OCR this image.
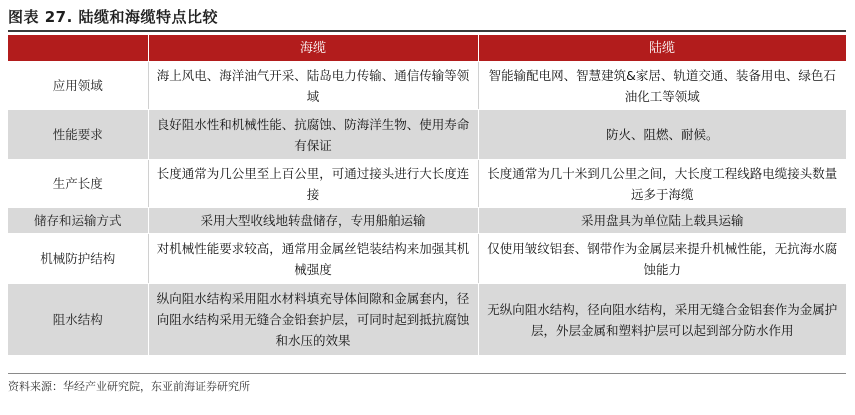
图表 27. 陆缆和海缆特点比较
	海缆	陆缆
应用领域	海上风电、海洋油气开采、陆岛电力传输、通信传输等领域	智能输配电网、智慧建筑&家居、轨道交通、装备用电、绿色石油化工等领域
性能要求	良好阻水性和机械性能、抗腐蚀、防海洋生物、使用寿命有保证	防火、阻燃、耐候。
生产长度	长度通常为几公里至上百公里，可通过接头进行大长度连接	长度通常为几十米到几公里之间，大长度工程线路电缆接头数量远多于海缆
储存和运输方式	采用大型收线地转盘储存，专用船舶运输	采用盘具为单位陆上载具运输
机械防护结构	对机械性能要求较高，通常用金属丝铠装结构来加强其机械强度	仅使用皱纹铝套、钢带作为金属层来提升机械性能，无抗海水腐蚀能力
阻水结构	纵向阻水结构采用阻水材料填充导体间隙和金属套内，径向阻水结构采用无缝合金铅套护层，可同时起到抵抗腐蚀和水压的效果	无纵向阻水结构，径向阻水结构，采用无缝合金铝套作为金属护层，外层金属和塑料护层可以起到部分防水作用
资料来源：华经产业研究院，东亚前海证券研究所
